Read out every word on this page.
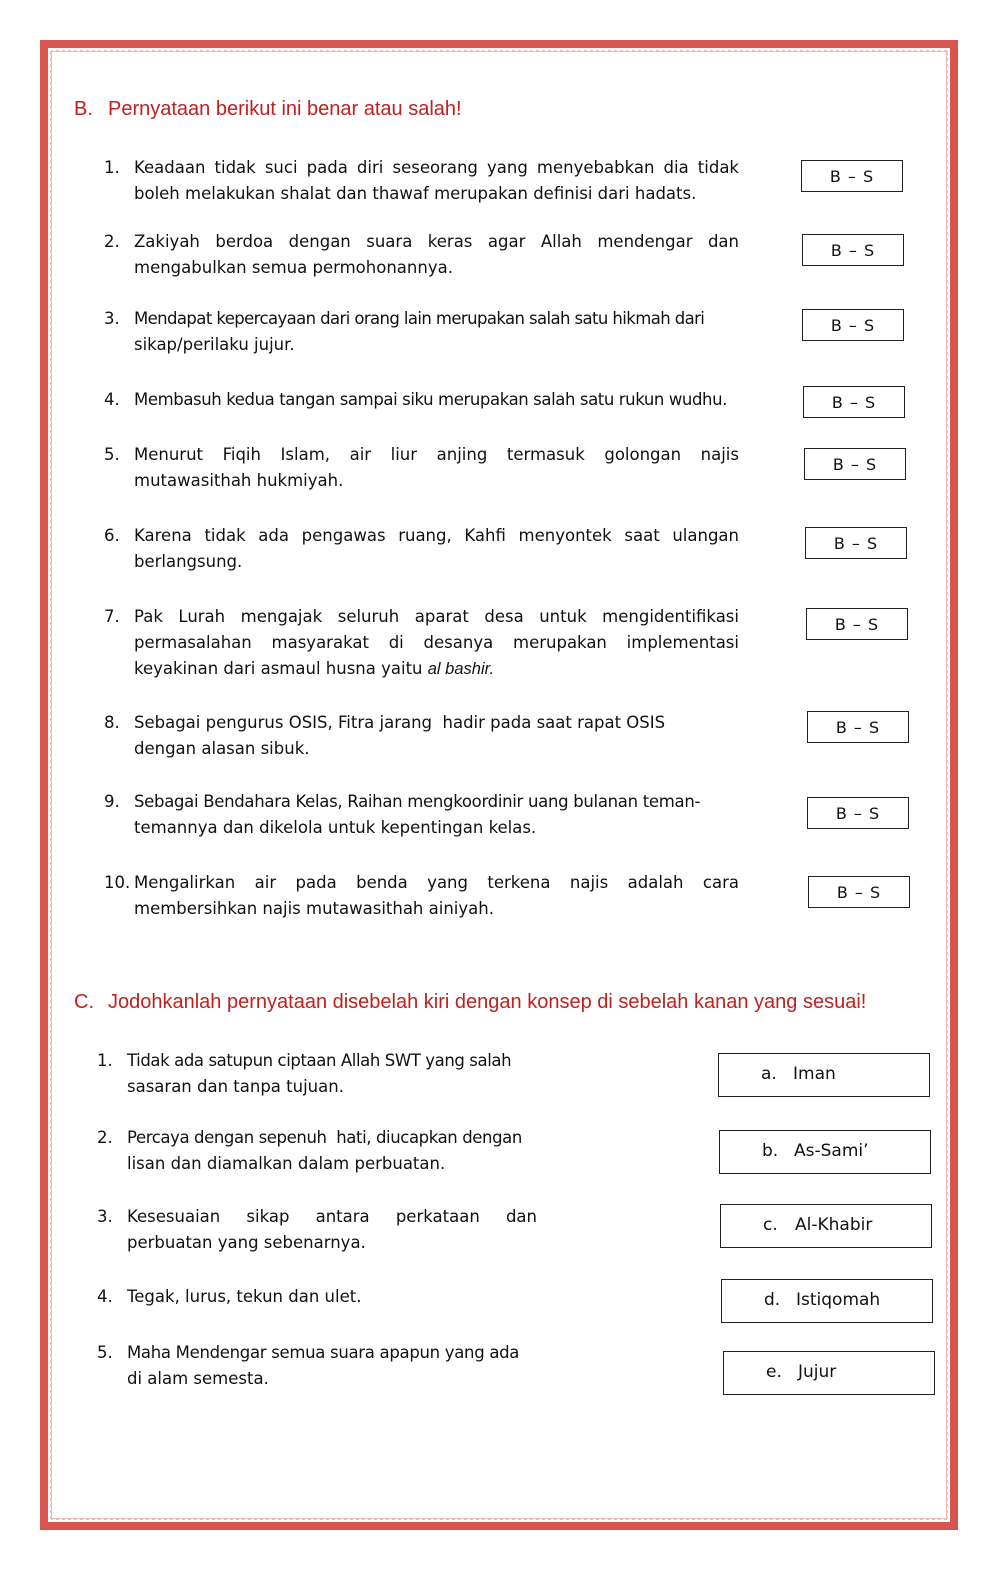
B. Pernyataan berikut ini benar atau salah!
1. Keadaan tidak suci pada diri seseorang yang menyebabkan dia tidak
boleh melakukan shalat dan thawaf merupakan definisi dari hadats.
B – S
2. Zakiyah berdoa dengan suara keras agar Allah mendengar dan
mengabulkan semua permohonannya.
B – S
3. Mendapat kepercayaan dari orang lain merupakan salah satu hikmah dari
sikap/perilaku jujur.
B – S
4. Membasuh kedua tangan sampai siku merupakan salah satu rukun wudhu.	B – S
5. Menurut Fiqih Islam, air liur anjing termasuk golongan najis
mutawasithah hukmiyah.
B – S
6. Karena tidak ada pengawas ruang, Kahfi menyontek saat ulangan
berlangsung.
B – S
7. Pak Lurah mengajak seluruh aparat desa untuk mengidentifikasi
permasalahan masyarakat di desanya merupakan implementasi
keyakinan dari asmaul husna yaitu al bashir.
B – S
8. Sebagai pengurus OSIS, Fitra jarang  hadir pada saat rapat OSIS
dengan alasan sibuk.
B – S
9. Sebagai Bendahara Kelas, Raihan mengkoordinir uang bulanan teman-
temannya dan dikelola untuk kepentingan kelas.
B – S
10. Mengalirkan air pada benda yang terkena najis adalah cara
membersihkan najis mutawasithah ainiyah.
B – S
C. Jodohkanlah pernyataan disebelah kiri dengan konsep di sebelah kanan yang sesuai!
1. Tidak ada satupun ciptaan Allah SWT yang salah
sasaran dan tanpa tujuan.
2. Percaya dengan sepenuh  hati, diucapkan dengan
lisan dan diamalkan dalam perbuatan.
3. Kesesuaian sikap antara perkataan dan
perbuatan yang sebenarnya.
4. Tegak, lurus, tekun dan ulet.
5. Maha Mendengar semua suara apapun yang ada
di alam semesta.
a. Iman
b. As-Sami’
c. Al-Khabir
d. Istiqomah
e. Jujur
